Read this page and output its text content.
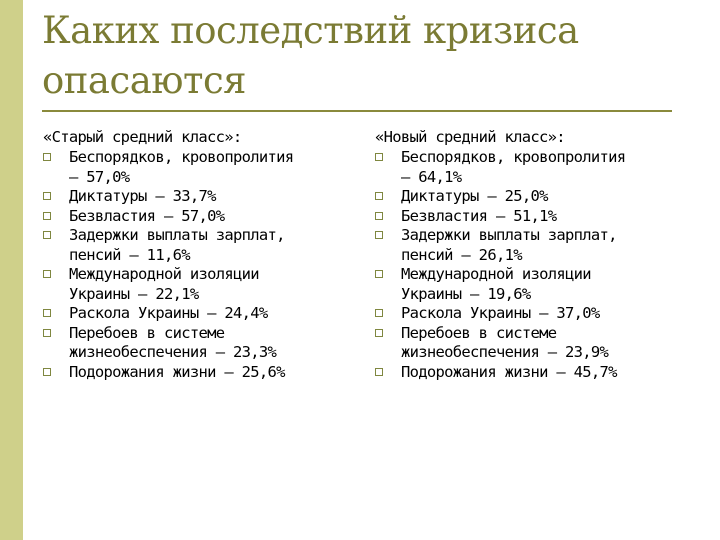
Каких последствий кризиса опасаются
«Старый средний класс»:
Беспорядков, кровопролития
– 57,0%
Диктатуры – 33,7%
Безвластия – 57,0%
Задержки выплаты зарплат,
пенсий – 11,6%
Международной изоляции
Украины – 22,1%
Раскола Украины – 24,4%
Перебоев в системе
жизнеобеспечения – 23,3%
Подорожания жизни – 25,6%
«Новый средний класс»:
Беспорядков, кровопролития
– 64,1%
Диктатуры – 25,0%
Безвластия – 51,1%
Задержки выплаты зарплат,
пенсий – 26,1%
Международной изоляции
Украины – 19,6%
Раскола Украины – 37,0%
Перебоев в системе
жизнеобеспечения – 23,9%
Подорожания жизни – 45,7%
